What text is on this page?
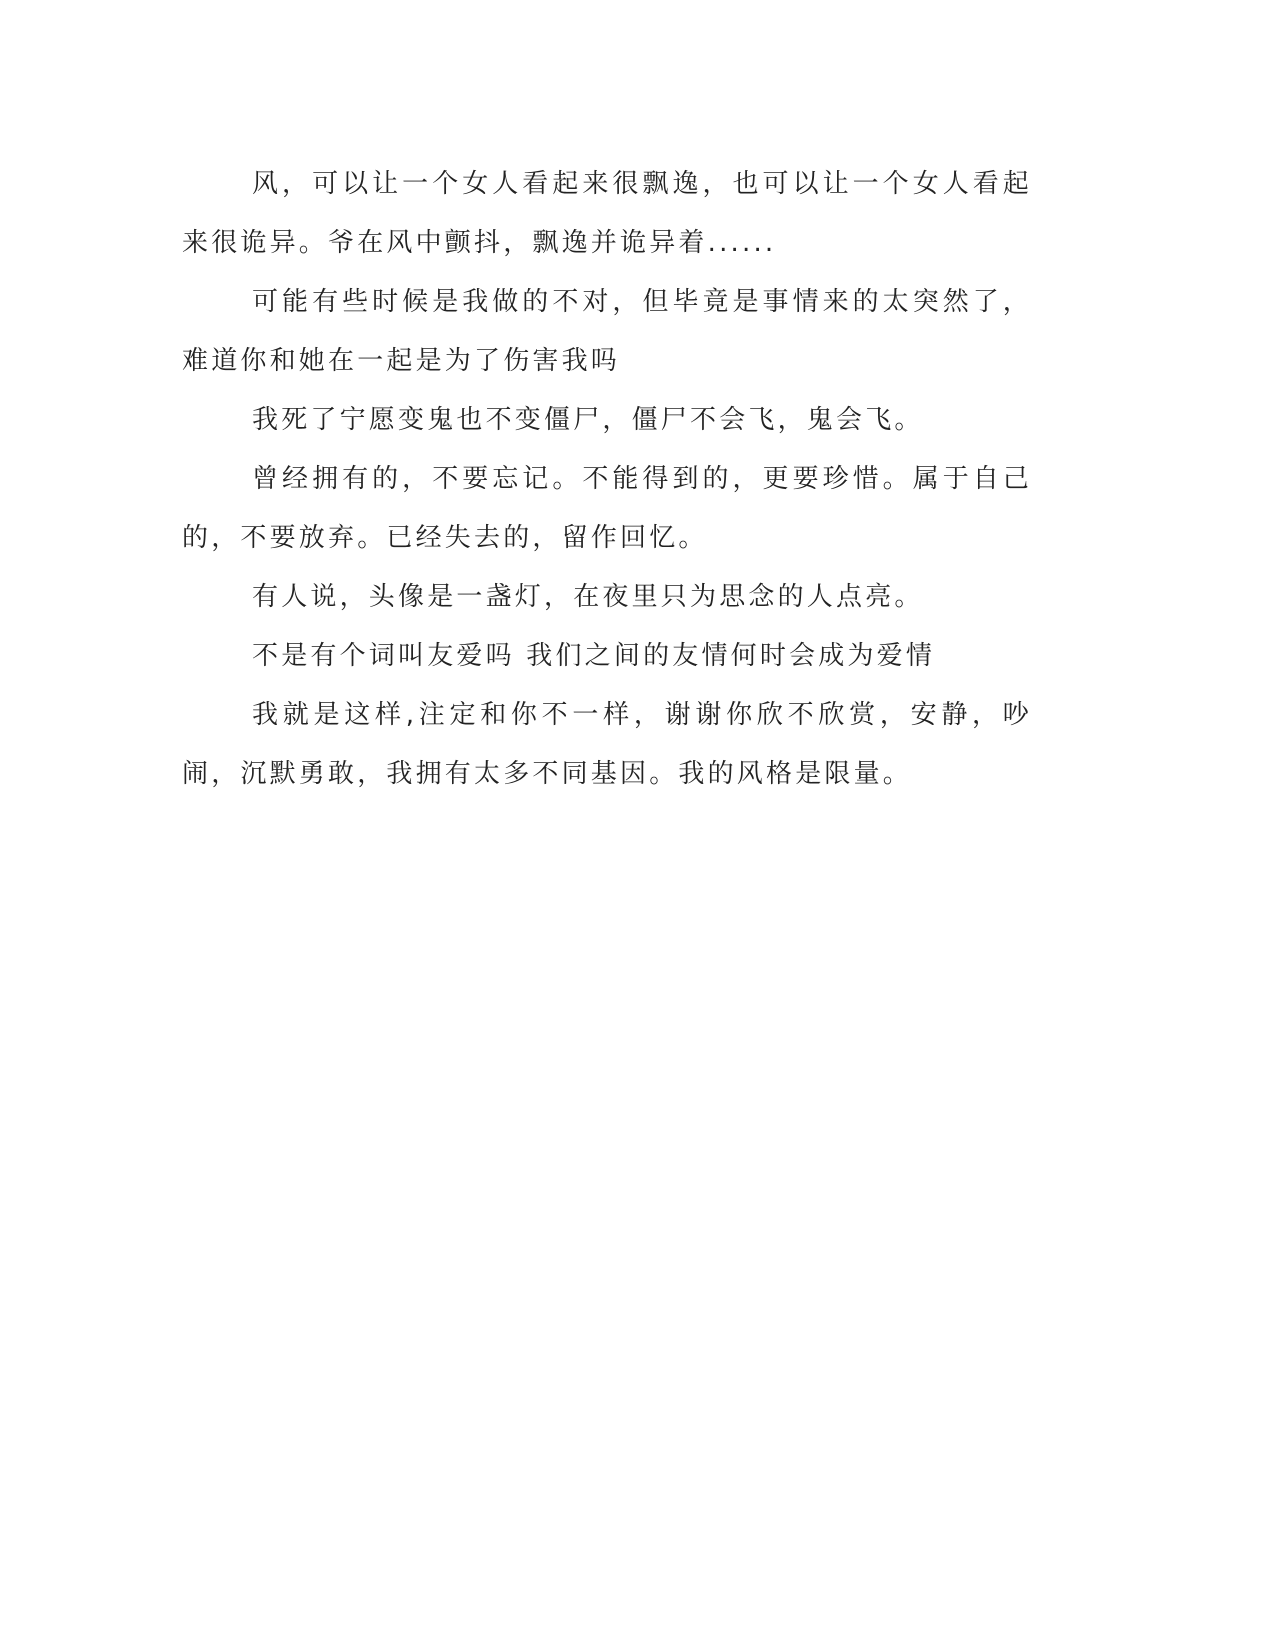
风，可以让一个女人看起来很飘逸，也可以让一个女人看起来很诡异。爷在风中颤抖，飘逸并诡异着......

可能有些时候是我做的不对，但毕竟是事情来的太突然了，难道你和她在一起是为了伤害我吗

我死了宁愿变鬼也不变僵尸，僵尸不会飞，鬼会飞。

曾经拥有的，不要忘记。不能得到的，更要珍惜。属于自己的，不要放弃。已经失去的，留作回忆。

有人说，头像是一盏灯，在夜里只为思念的人点亮。

不是有个词叫友爱吗 我们之间的友情何时会成为爱情

我就是这样,注定和你不一样，谢谢你欣不欣赏，安静，吵闹，沉默勇敢，我拥有太多不同基因。我的风格是限量。
